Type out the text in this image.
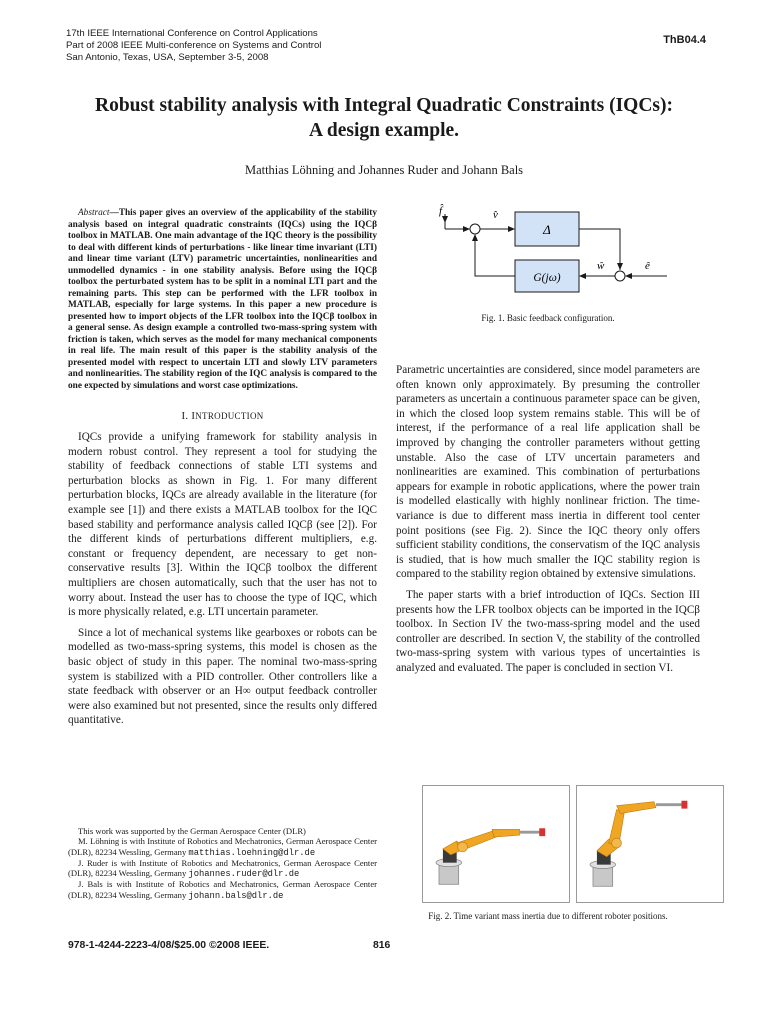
17th IEEE International Conference on Control Applications
Part of 2008 IEEE Multi-conference on Systems and Control
San Antonio, Texas, USA, September 3-5, 2008
ThB04.4
Robust stability analysis with Integral Quadratic Constraints (IQCs):
A design example.
Matthias Löhning and Johannes Ruder and Johann Bals

Abstract—This paper gives an overview of the applicability of the stability analysis based on integral quadratic constraints (IQCs) using the IQCβ toolbox in MATLAB. One main advantage of the IQC theory is the possibility to deal with different kinds of perturbations - like linear time invariant (LTI) and linear time variant (LTV) parametric uncertainties, nonlinearities and unmodelled dynamics - in one stability analysis. Before using the IQCβ toolbox the perturbated system has to be split in a nominal LTI part and the remaining parts. This step can be performed with the LFR toolbox in MATLAB, especially for large systems. In this paper a new procedure is presented how to import objects of the LFR toolbox into the IQCβ toolbox in a general sense. As design example a controlled two-mass-spring system with friction is taken, which serves as the model for many mechanical components in real life. The main result of this paper is the stability analysis of the presented model with respect to uncertain LTI and slowly LTV parameters and nonlinearities. The stability region of the IQC analysis is compared to the one expected by simulations and worst case optimizations.

I. INTRODUCTION

IQCs provide a unifying framework for stability analysis in modern robust control. They represent a tool for studying the stability of feedback connections of stable LTI systems and perturbation blocks as shown in Fig. 1. For many different perturbation blocks, IQCs are already available in the literature (for example see [1]) and there exists a MATLAB toolbox for the IQC based stability and performance analysis called IQCβ (see [2]). For the different kinds of perturbations different multipliers, e.g. constant or frequency dependent, are necessary to get non-conservative results [3]. Within the IQCβ toolbox the different multipliers are chosen automatically, such that the user has not to worry about. Instead the user has to choose the type of IQC, which is more physically related, e.g. LTI uncertain parameter.

Since a lot of mechanical systems like gearboxes or robots can be modelled as two-mass-spring systems, this model is chosen as the basic object of study in this paper. The nominal two-mass-spring system is stabilized with a PID controller. Other controllers like a state feedback with observer or an H∞ output feedback controller were also examined but not presented, since the results only differed quantitative.

This work was supported by the German Aerospace Center (DLR)

M. Löhning is with Institute of Robotics and Mechatronics, German Aerospace Center (DLR), 82234 Wessling, Germany matthias.loehning@dlr.de

J. Ruder is with Institute of Robotics and Mechatronics, German Aerospace Center (DLR), 82234 Wessling, Germany johannes.ruder@dlr.de

J. Bals is with Institute of Robotics and Mechatronics, German Aerospace Center (DLR), 82234 Wessling, Germany johann.bals@dlr.de

978-1-4244-2223-4/08/$25.00 ©2008 IEEE.	816
f̂	v̂
Δ
ê
ŵ
G(jω)
Fig. 1. Basic feedback configuration.

Parametric uncertainties are considered, since model parameters are often known only approximately. By presuming the controller parameters as uncertain a continuous parameter space can be given, in which the closed loop system remains stable. This will be of interest, if the performance of a real life application shall be improved by changing the controller parameters without getting unstable. Also the case of LTV uncertain parameters and nonlinearities are examined. This combination of perturbations appears for example in robotic applications, where the power train is modelled elastically with highly nonlinear friction. The time-variance is due to different mass inertia in different tool center point positions (see Fig. 2). Since the IQC theory only offers sufficient stability conditions, the conservatism of the IQC analysis is studied, that is how much smaller the IQC stability region is compared to the stability region obtained by extensive simulations.

The paper starts with a brief introduction of IQCs. Section III presents how the LFR toolbox objects can be imported in the IQCβ toolbox. In Section IV the two-mass-spring model and the used controller are described. In section V, the stability of the controlled two-mass-spring system with various types of uncertainties is analyzed and evaluated. The paper is concluded in section VI.

Fig. 2. Time variant mass inertia due to different roboter positions.
